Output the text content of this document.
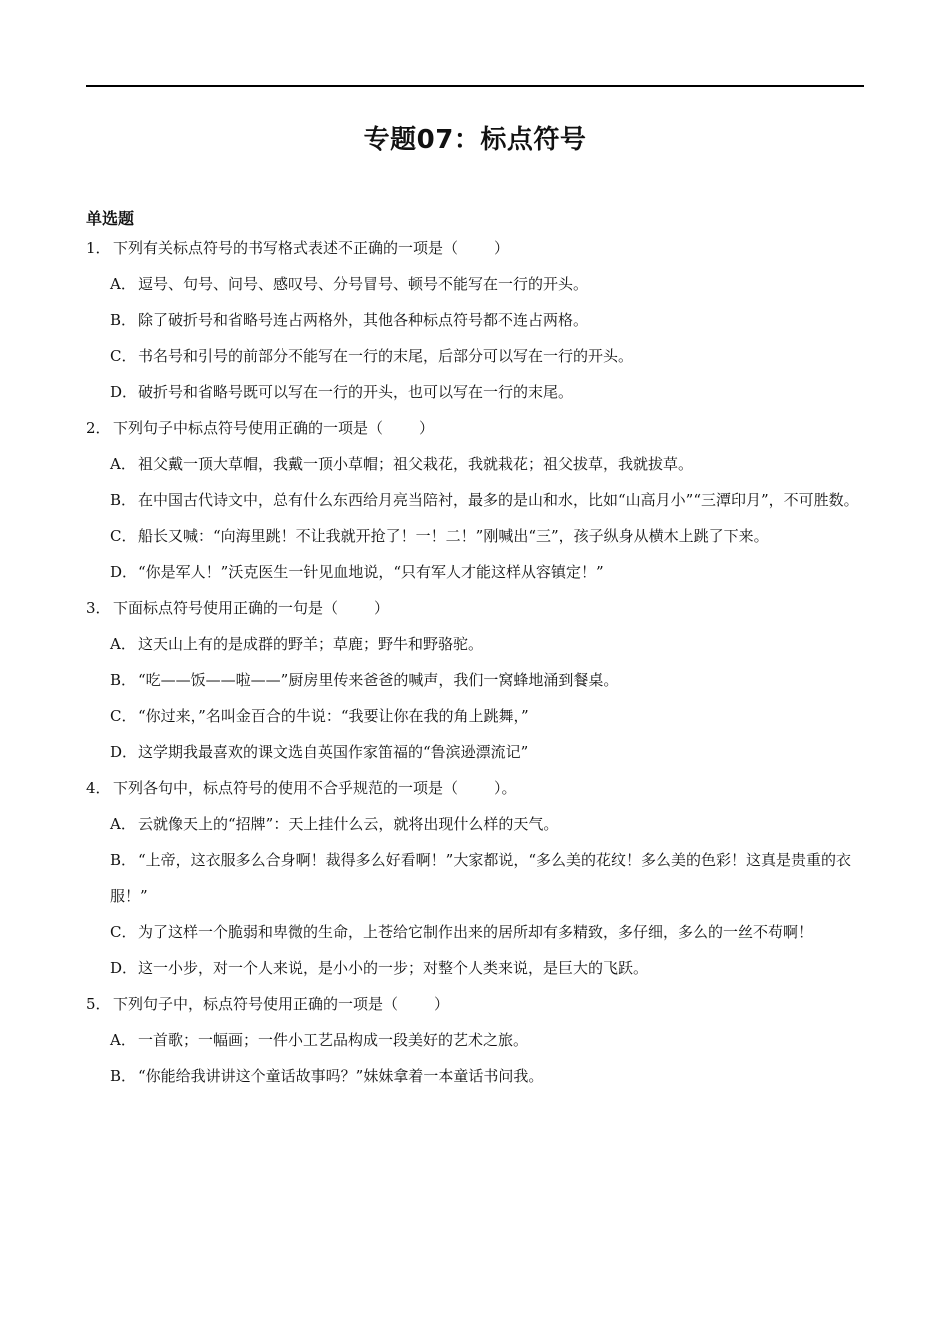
专题07：标点符号
单选题

1． 下列有关标点符号的书写格式表述不正确的一项是（ ）

A． 逗号、句号、问号、感叹号、分号冒号、顿号不能写在一行的开头。

B． 除了破折号和省略号连占两格外，其他各种标点符号都不连占两格。

C． 书名号和引号的前部分不能写在一行的末尾，后部分可以写在一行的开头。

D．破折号和省略号既可以写在一行的开头，也可以写在一行的末尾。

2． 下列句子中标点符号使用正确的一项是（ ）

A． 祖父戴一顶大草帽，我戴一顶小草帽；祖父栽花，我就栽花；祖父拔草，我就拔草。

B． 在中国古代诗文中，总有什么东西给月亮当陪衬，最多的是山和水，比如“山高月小”“三潭印月”，不可胜数。

C． 船长又喊：“向海里跳！不让我就开抢了！一！二！”刚喊出“三”，孩子纵身从横木上跳了下来。

D．“你是军人！”沃克医生一针见血地说，“只有军人才能这样从容镇定！”

3． 下面标点符号使用正确的一句是（ ）

A． 这天山上有的是成群的野羊；草鹿；野牛和野骆驼。

B． “吃——饭——啦——”厨房里传来爸爸的喊声，我们一窝蜂地涌到餐桌。

C． “你过来，”名叫金百合的牛说：“我要让你在我的角上跳舞，”

D．这学期我最喜欢的课文选自英国作家笛福的“鲁滨逊漂流记”

4． 下列各句中，标点符号的使用不合乎规范的一项是（ ）。

A． 云就像天上的“招牌”：天上挂什么云，就将出现什么样的天气。

B． “上帝，这衣服多么合身啊！裁得多么好看啊！”大家都说，“多么美的花纹！多么美的色彩！这真是贵重的衣服！”

C． 为了这样一个脆弱和卑微的生命，上苍给它制作出来的居所却有多精致，多仔细，多么的一丝不苟啊！

D．这一小步，对一个人来说，是小小的一步；对整个人类来说，是巨大的飞跃。

5． 下列句子中，标点符号使用正确的一项是（ ）

A． 一首歌；一幅画；一件小工艺品构成一段美好的艺术之旅。

B． “你能给我讲讲这个童话故事吗？”妹妹拿着一本童话书问我。
